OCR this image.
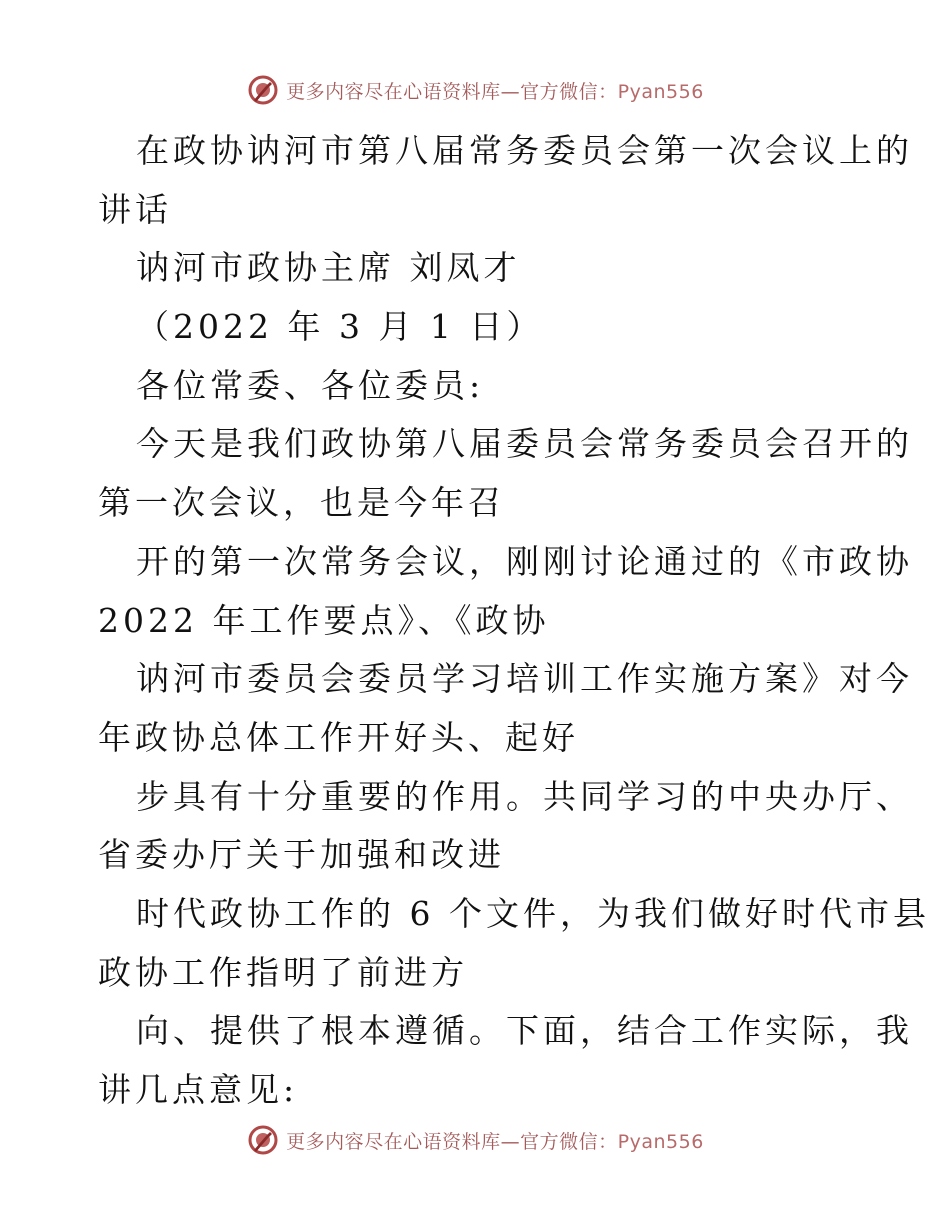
更多内容尽在心语资料库—官方微信：Pyan556
在政协讷河市第八届常务委员会第一次会议上的
讲话
讷河市政协主席 刘凤才
（2022 年 3 月 1 日）
各位常委、各位委员:
今天是我们政协第八届委员会常务委员会召开的
第一次会议，也是今年召
开的第一次常务会议，刚刚讨论通过的《市政协
2022 年工作要点》、《政协
讷河市委员会委员学习培训工作实施方案》对今
年政协总体工作开好头、起好
步具有十分重要的作用。共同学习的中央办厅、
省委办厅关于加强和改进
时代政协工作的 6 个文件，为我们做好时代市县
政协工作指明了前进方
向、提供了根本遵循。下面，结合工作实际，我
讲几点意见:
更多内容尽在心语资料库—官方微信：Pyan556
